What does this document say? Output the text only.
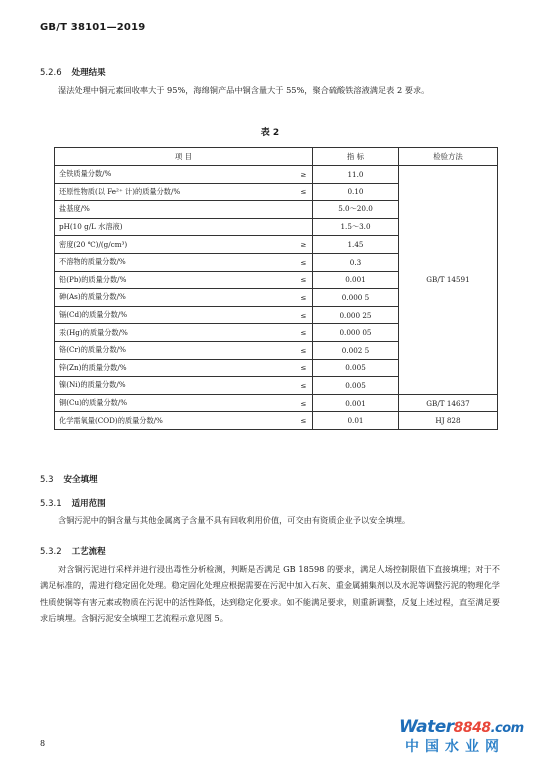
GB/T 38101—2019
5.2.6 处理结果
湿法处理中铜元素回收率大于 95%，海绵铜产品中铜含量大于 55%，聚合硫酸铁溶液满足表 2 要求。
表 2
项 目		指 标	检验方法
全铁质量分数/%	≥	11.0	GB/T 14591
还原性物质(以 Fe²⁺ 计)的质量分数/%	≤	0.10	
盐基度/%		5.0～20.0	
pH(10 g/L 水溶液)		1.5～3.0	
密度(20 ℃)/(g/cm³)	≥	1.45	
不溶物的质量分数/%	≤	0.3	
铅(Pb)的质量分数/%	≤	0.001	
砷(As)的质量分数/%	≤	0.000 5	
镉(Cd)的质量分数/%	≤	0.000 25	
汞(Hg)的质量分数/%	≤	0.000 05	
铬(Cr)的质量分数/%	≤	0.002 5	
锌(Zn)的质量分数/%	≤	0.005	
镍(Ni)的质量分数/%	≤	0.005	
铜(Cu)的质量分数/%	≤	0.001	GB/T 14637
化学需氧量(COD)的质量分数/%	≤	0.01	HJ 828
5.3 安全填埋
5.3.1 适用范围
含铜污泥中的铜含量与其他金属离子含量不具有回收利用价值，可交由有资质企业予以安全填埋。
5.3.2 工艺流程
对含铜污泥进行采样并进行浸出毒性分析检测，判断是否满足 GB 18598 的要求，满足人场控制限值下直接填埋；对于不满足标准的，需进行稳定固化处理。稳定固化处理应根据需要在污泥中加入石灰、重金属捕集剂以及水泥等调整污泥的物理化学性质使铜等有害元素或物质在污泥中的活性降低，达到稳定化要求。如不能满足要求，则重新调整，反复上述过程，直至满足要求后填埋。含铜污泥安全填埋工艺流程示意见图 5。
8
Water8848.com
中国水业网
